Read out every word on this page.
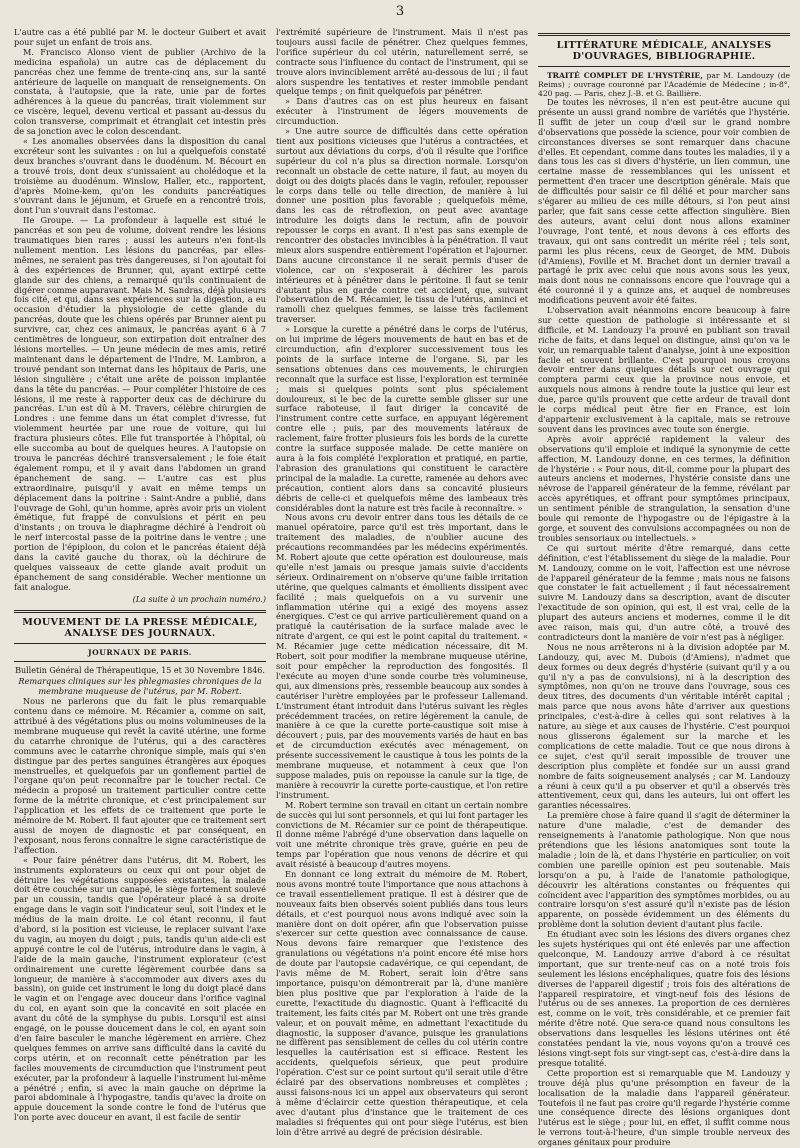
3

L'autre cas a été publié par M. le docteur Guibert et avait pour sujet un enfant de trois ans.

M. Francisco Alonso vient de publier (Archivo de la medicina española) un autre cas de déplacement du pancréas chez une femme de trente-cinq ans, sur la santé antérieure de laquelle on manquait de renseignements. On constata, à l'autopsie, que la rate, unie par de fortes adhérences à la queue du pancréas, tirait violemment sur ce viscère, lequel, devenu vertical et passant au-dessus du colon transverse, comprimait et étranglait cet intestin près de sa jonction avec le colon descendant.

« Les anomalies observées dans la disposition du canal excréteur sont les suivantes : on lui a quelquefois constaté deux branches s'ouvrant dans le duodénum. M. Bécourt en a trouvé trois, dont deux s'unissaient au cholédoque et la troisième au duodénum. Winslow, Haller, etc., rapportent, d'après Moine-kem, qu'on les conduits pancréatiques s'ouvrant dans le jéjunum, et Gruefe en a rencontré trois, dont l'un s'ouvrait dans l'estomac.

IIe Groupe. — La profondeur à laquelle est situé le pancréas et son peu de volume, doivent rendre les lésions traumatiques bien rares ; aussi les auteurs n'en font-ils nullement mention. Les lésions du pancréas, par elles-mêmes, ne seraient pas très dangereuses, si l'on ajoutait foi à des expériences de Brunner, qui, ayant extirpé cette glande sur des chiens, a remarqué qu'ils continuaient de digérer comme auparavant. Mais M. Sandras, déjà plusieurs fois cité, et qui, dans ses expériences sur la digestion, a eu occasion d'étudier la physiologie de cette glande du pancréas, doute que les chiens opérés par Brunner aient pu survivre, car, chez ces animaux, le pancréas ayant 6 à 7 centimètres de longueur, son extirpation doit entraîner des lésions mortelles. — Un jeune médecin de mes amis, retiré maintenant dans le département de l'Indre, M. Lambron, a trouvé pendant son internat dans les hôpitaux de Paris, une lésion singulière ; c'était une arête de poisson implantée dans la tête du pancréas. — Pour compléter l'histoire de ces lésions, il me reste à rapporter deux cas de déchirure du pancréas. L'un est dû à M. Travers, célèbre chirurgien de Londres : une femme dans un état complet d'ivresse, fut violemment heurtée par une roue de voiture, qui lui fractura plusieurs côtes. Elle fut transportée à l'hôpital, où elle succomba au bout de quelques heures. A l'autopsie on trouva le pancréas déchiré transversalement ; le foie était également rompu, et il y avait dans l'abdomen un grand épanchement de sang. — L'autre cas est plus extraordinaire, puisqu'il y avait en même temps un déplacement dans la poitrine : Saint-Andre a publié, dans l'ouvrage de Gohl, qu'un homme, après avoir pris un violent émétique, fut frappé de convulsions et périt en peu d'instants ; on trouva le diaphragme déchiré à l'endroit où le nerf intercostal passe de la poitrine dans le ventre ; une portion de l'épiploon, du colon et le pancréas étaient déjà dans la cavité gauche du thorax, où la déchirure de quelques vaisseaux de cette glande avait produit un épanchement de sang considérable. Wecher mentionne un fait analogue.

(La suite à un prochain numéro.)
MOUVEMENT DE LA PRESSE MÉDICALE, ANALYSE DES JOURNAUX.
JOURNAUX DE PARIS.
Bulletin Général de Thérapeutique, 15 et 30 Novembre 1846.

Remarques cliniques sur les phlegmasies chroniques de la membrane muqueuse de l'utérus, par M. Robert.

Nous ne parlerons que du fait le plus remarquable contenu dans ce mémoire. M. Récamier a, comme on sait, attribué à des végétations plus ou moins volumineuses de la membrane muqueuse qui revêt la cavité utérine, une forme du catarrhe chronique de l'utérus, qui a des caractères communs avec le catarrhe chronique simple, mais qui s'en distingue par des pertes sanguines étrangères aux époques menstruelles, et quelquefois par un gonflement partiel de l'organe qu'on peut reconnaître par le toucher rectal. Ce médecin a proposé un traitement particulier contre cette forme de la métrite chronique, et c'est principalement sur l'application et les effets de ce traitement que porte le mémoire de M. Robert. Il faut ajouter que ce traitement sert aussi de moyen de diagnostic et par conséquent, en l'exposant, nous ferons connaître le signe caractéristique de l'affection.

« Pour faire pénétrer dans l'utérus, dit M. Robert, les instruments explorateurs ou ceux qui ont pour objet de détruire les végétations supposées existantes, la malade doit être couchée sur un canapé, le siège fortement soulevé par un coussin, tandis que l'opérateur placé à sa droite engage dans le vagin soit l'indicateur seul, soit l'index et le médius de la main droite. Le col étant reconnu, il faut d'abord, si la position est vicieuse, le replacer suivant l'axe du vagin, au moyen du doigt ; puis, tandis qu'un aide-cli est appuyé contre le col de l'utérus, introduire dans le vagin, à l'aide de la main gauche, l'instrument explorateur (c'est ordinairement une curette légèrement courbée dans sa longueur, de manière à s'accommoder aux divers axes du bassin), on guide cet instrument le long du doigt placé dans le vagin et on l'engage avec douceur dans l'orifice vaginal du col, en ayant soin que la concavité en soit placée en avant du côté de la symphyse du pubis. Lorsqu'il est ainsi engagé, on le pousse doucement dans le col, en ayant soin d'en faire basculer le manche légèrement en arrière. Chez quelques femmes on arrive sans difficulté dans la cavité du corps utérin, et on reconnaît cette pénétration par les faciles mouvements de circumduction que l'instrument peut exécuter, par la profondeur à laquelle l'instrument lui-même a pénétré ; enfin, si avec la main gauche on déprime la paroi abdominale à l'hypogastre, tandis qu'avec la droite on appuie doucement la sonde contre le fond de l'utérus que l'on porte avec douceur en avant, il est facile de sentir

l'extrémité supérieure de l'instrument. Mais il n'est pas toujours aussi facile de pénétrer. Chez quelques femmes, l'orifice supérieur du col utérin, naturellement serré, se contracte sous l'influence du contact de l'instrument, qui se trouve alors invinciblement arrêté au-dessous de lui ; il faut alors suspendre les tentatives et rester immobile pendant quelque temps ; on finit quelquefois par pénétrer.

» Dans d'autres cas on est plus heureux en faisant exécuter à l'instrument de légers mouvements de circumduction.

» Une autre source de difficultés dans cette opération tient aux positions vicieuses que l'utérus a contractées, et surtout aux déviations du corps, d'où il résulte que l'orifice supérieur du col n'a plus sa direction normale. Lorsqu'on reconnaît un obstacle de cette nature, il faut, au moyen du doigt ou des doigts placés dans le vagin, refouler, repousser le corps dans telle ou telle direction, de manière à lui donner une position plus favorable ; quelquefois même, dans les cas de rétroflexion, on peut avec avantage introduire les doigts dans le rectum, afin de pouvoir repousser le corps en avant. Il n'est pas sans exemple de rencontrer des obstacles invincibles à la pénétration. Il vaut mieux alors suspendre entièrement l'opération et l'ajourner. Dans aucune circonstance il ne serait permis d'user de violence, car on s'exposerait à déchirer les parois intérieures et à pénétrer dans le péritoine. Il faut se tenir d'autant plus en garde contre cet accident, que, suivant l'observation de M. Récamier, le tissu de l'utérus, aminci et ramolli chez quelques femmes, se laisse très facilement traverser.

» Lorsque la curette a pénétré dans le corps de l'utérus, on lui imprime de légers mouvements de haut en bas et de circumduction, afin d'explorer successivement tous les points de la surface interne de l'organe. Si, par les sensations obtenues dans ces mouvements, le chirurgien reconnaît que la surface est lisse, l'exploration est terminée ; mais si quelques points sont plus spécialement douloureux, si le bec de la curette semble glisser sur une surface raboteuse, il faut diriger la concavité de l'instrument contre cette surface, en appuyant légèrement contre elle ; puis, par des mouvements latéraux de raclement, faire frotter plusieurs fois les bords de la curette contre la surface supposée malade. De cette manière on aura à la fois complété l'exploration et pratiqué, en partie, l'abrasion des granulations qui constituent le caractère principal de la maladie. La curette, ramenée au dehors avec précaution, contient alors dans sa concavité plusieurs débris de celle-ci et quelquefois même des lambeaux très considérables dont la nature est très facile à reconnaître. »

Nous avons cru devoir entrer dans tous les détails de ce manuel opératoire, parce qu'il est très important, dans le traitement des maladies, de n'oublier aucune des précautions recommandées par les médecins expérimentés. M. Robert ajoute que cette opération est douloureuse, mais qu'elle n'est jamais ou presque jamais suivie d'accidents sérieux. Ordinairement on n'observe qu'une faible irritation utérine, que quelques calmants et émollients dissipent avec facilité ; mais quelquefois on a vu survenir une inflammation utérine qui a exigé des moyens assez énergiques. C'est ce qui arrive particulièrement quand on a pratiqué la cautérisation de la surface malade avec le nitrate d'argent, ce qui est le point capital du traitement. « M. Récamier juge cette médication nécessaire, dit M. Robert, soit pour modifier la membrane muqueuse utérine, soit pour empêcher la reproduction des fongosités. Il l'exécute au moyen d'une sonde courbe très volumineuse, qui, aux dimensions près, ressemble beaucoup aux sondes à cautériser l'urètre employées par le professeur Lallemand. L'instrument étant introduit dans l'utérus suivant les règles précédemment tracées, on retire légèrement la canule, de manière à ce que la curette porte-caustique soit mise à découvert ; puis, par des mouvements variés de haut en bas et de circumduction exécutés avec ménagement, on présente successivement le caustique à tous les points de la membrane muqueuse, et notamment à ceux que l'on suppose malades, puis on repousse la canule sur la tige, de manière à recouvrir la curette porte-caustique, et l'on retire l'instrument.

M. Robert termine son travail en citant un certain nombre de succès qui lui sont personnels, et qui lui font partager les convictions de M. Récamier sur ce point de thérapeutique. Il donne même l'abrégé d'une observation dans laquelle on voit une métrite chronique très grave, guérie en peu de temps par l'opération que nous venons de décrire et qui avait résisté à beaucoup d'autres moyens.

En donnant ce long extrait du mémoire de M. Robert, nous avons montré toute l'importance que nous attachons à ce travail essentiellement pratique. Il est à désirer que de nouveaux faits bien observés soient publiés dans tous leurs détails, et c'est pourquoi nous avons indiqué avec soin la manière dont on doit opérer, afin que l'observation puisse s'exercer sur cette question avec connaissance de cause. Nous devons faire remarquer que l'existence des granulations ou végétations n'a point encore été mise hors de doute par l'autopsie cadavérique, ce qui cependant, de l'avis même de M. Robert, serait loin d'être sans importance, puisqu'on démontrerait par là, d'une manière bien plus positive que par l'exploration à l'aide de la curette, l'exactitude du diagnostic. Quant à l'efficacité du traitement, les faits cités par M. Robert ont une très grande valeur, et on pouvait même, en admettant l'exactitude du diagnostic, la supposer d'avance, puisque les granulations ne diffèrent pas sensiblement de celles du col utérin contre lesquelles la cautérisation est si efficace. Restent les accidents, quelquefois sérieux, que peut produire l'opération. C'est sur ce point surtout qu'il serait utile d'être éclairé par des observations nombreuses et complètes ; aussi faisons-nous ici un appel aux observateurs qui seront à même d'éclaircir cette question thérapeutique, et cela avec d'autant plus d'instance que le traitement de ces maladies si fréquentes qui ont pour siège l'utérus, est bien loin d'être arrivé au degré de précision désirable.

LITTÉRATURE MÉDICALE, ANALYSES D'OUVRAGES, BIBLIOGRAPHIE.

TRAITÉ COMPLET DE L'HYSTÉRIE, par M. Landouzy (de Reims) ; ouvrage couronné par l'Académie de Médecine ; in-8°, 420 pag. — Paris, chez J.-B. et G. Baillière.

De toutes les névroses, il n'en est peut-être aucune qui présente un aussi grand nombre de variétés que l'hystérie. Il suffit de jeter un coup d'œil sur le grand nombre d'observations que possède la science, pour voir combien de circonstances diverses se sont remarquer dans chacune d'elles. Et cependant, comme dans toutes les maladies, il y a dans tous les cas si divers d'hystérie, un lien commun, une certaine masse de ressemblances qui les unissent et permettent d'en tracer une description générale. Mais que de difficultés pour saisir ce fil délié et pour marcher sans s'égarer au milieu de ces mille détours, si l'on peut ainsi parler, que fait sans cesse cette affection singulière. Bien des auteurs, avant celui dont nous allons examiner l'ouvrage, l'ont tenté, et nous devons à ces efforts des travaux, qui ont sans contredit un mérite réel ; tels sont, parmi les plus récens, ceux de Georget, de MM. Dubois (d'Amiens), Foville et M. Brachet dont un dernier travail a partagé le prix avec celui que nous avons sous les yeux, mais dont nous ne connaissons encore que l'ouvrage qui a été couronné il y a quinze ans, et auquel de nombreuses modifications peuvent avoir été faites.

L'observation avait néanmoins encore beaucoup à faire sur cette question de pathologie si intéressante et si difficile, et M. Landouzy l'a prouvé en publiant son travail riche de faits, et dans lequel on distingue, ainsi qu'on va le voir, un remarquable talent d'analyse, joint à une exposition facile et souvent brillante. C'est pourquoi nous croyons devoir entrer dans quelques détails sur cet ouvrage qui comptera parmi ceux que la province nous envoie, et auxquels nous aimons à rendre toute la justice qui leur est due, parce qu'ils prouvent que cette ardeur de travail dont le corps médical peut être fier en France, est loin d'appartenir exclusivement à la capitale, mais se retrouve souvent dans les provinces avec toute son énergie.

Après avoir apprécié rapidement la valeur des observations qu'il emploie et indiqué la synonymie de cette affection, M. Landouzy donne, en ces termes, la définition de l'hystérie : « Pour nous, dit-il, comme pour la plupart des auteurs anciens et modernes, l'hystérie consiste dans une névrose de l'appareil générateur de la femme, révélant par accès apyrétiques, et offrant pour symptômes principaux, un sentiment pénible de strangulation, la sensation d'une boule qui remonte de l'hypogastre ou de l'épigastre à la gorge, et souvent des convulsions accompagnées ou non de troubles sensoriaux ou intellectuels. »

Ce qui surtout mérite d'être remarqué, dans cette définition, c'est l'établissement du siège de la maladie. Pour M. Landouzy, comme on le voit, l'affection est une névrose de l'appareil générateur de la femme ; mais nous ne faisons que constater le fait actuellement ; il faut nécessairement suivre M. Landouzy dans sa description, avant de discuter l'exactitude de son opinion, qui est, il est vrai, celle de la plupart des auteurs anciens et modernes, comme il le dit avec raison, mais qui, d'un autre côté, a trouvé des contradicteurs dont la manière de voir n'est pas à négliger.

Nous ne nous arrêterons ni à la division adoptée par M. Landouzy, qui, avec M. Dubois (d'Amiens), n'admet que deux formes ou deux degrés d'hystérie (suivant qu'il y a ou qu'il n'y a pas de convulsions), ni à la description des symptômes, non qu'on ne trouve dans l'ouvrage, sous ces deux titres, des documents d'un véritable intérêt capital ; mais parce que nous avons hâte d'arriver aux questions principales, c'est-à-dire à celles qui sont relatives à la nature, au siège et aux causes de l'hystérie. C'est pourquoi nous glisserons également sur la marche et les complications de cette maladie. Tout ce que nous dirons à ce sujet, c'est qu'il serait impossible de trouver une description plus complète et fondée sur un aussi grand nombre de faits soigneusement analysés ; car M. Landouzy a réuni à ceux qu'il a pu observer et qu'il a observés très attentivement, ceux qui, dans les auteurs, lui ont offert les garanties nécessaires.

La première chose à faire quand il s'agit de déterminer la nature d'une maladie, c'est de demander des renseignements à l'anatomie pathologique. Non que nous prétendions que les lésions anatomiques sont toute la maladie ; loin de là, et dans l'hystérie en particulier, on voit combien une pareille opinion est peu soutenable. Mais lorsqu'on a pu, à l'aide de l'anatomie pathologique, découvrir les altérations constantes ou fréquentes qui coïncident avec l'apparition des symptômes morbides, ou au contraire lorsqu'on s'est assuré qu'il n'existe pas de lésion apparente, on possède évidemment un des éléments du problème dont la solution devient d'autant plus facile.

En étudiant avec soin les lésions des divers organes chez les sujets hystériques qui ont été enlevés par une affection quelconque, M. Landouzy arrive d'abord à ce résultat important, que sur trente-neuf cas on a noté trois fois seulement les lésions encéphaliques, quatre fois des lésions diverses de l'appareil digestif ; trois fois des altérations de l'appareil respiratoire, et vingt-neuf fois des lésions de l'utérus ou de ses annexes. La proportion de ces dernières est, comme on le voit, très considérable, et ce premier fait mérite d'être noté. Que sera-ce quand nous consultons les observations dans lesquelles les lésions utérines ont été constatées pendant la vie, nous voyons qu'on a trouvé ces lésions vingt-sept fois sur vingt-sept cas, c'est-à-dire dans la presque totalité.

Cette proportion est si remarquable que M. Landouzy y trouve déjà plus qu'une présomption en faveur de la localisation de la maladie dans l'appareil générateur. Toutefois il ne faut pas croire qu'il regarde l'hystérie comme une conséquence directe des lésions organiques dont l'utérus est le siège ; pour lui, en effet, il suffit comme nous le verrons tout-à-l'heure, d'un simple trouble nerveux des organes génitaux pour produire
